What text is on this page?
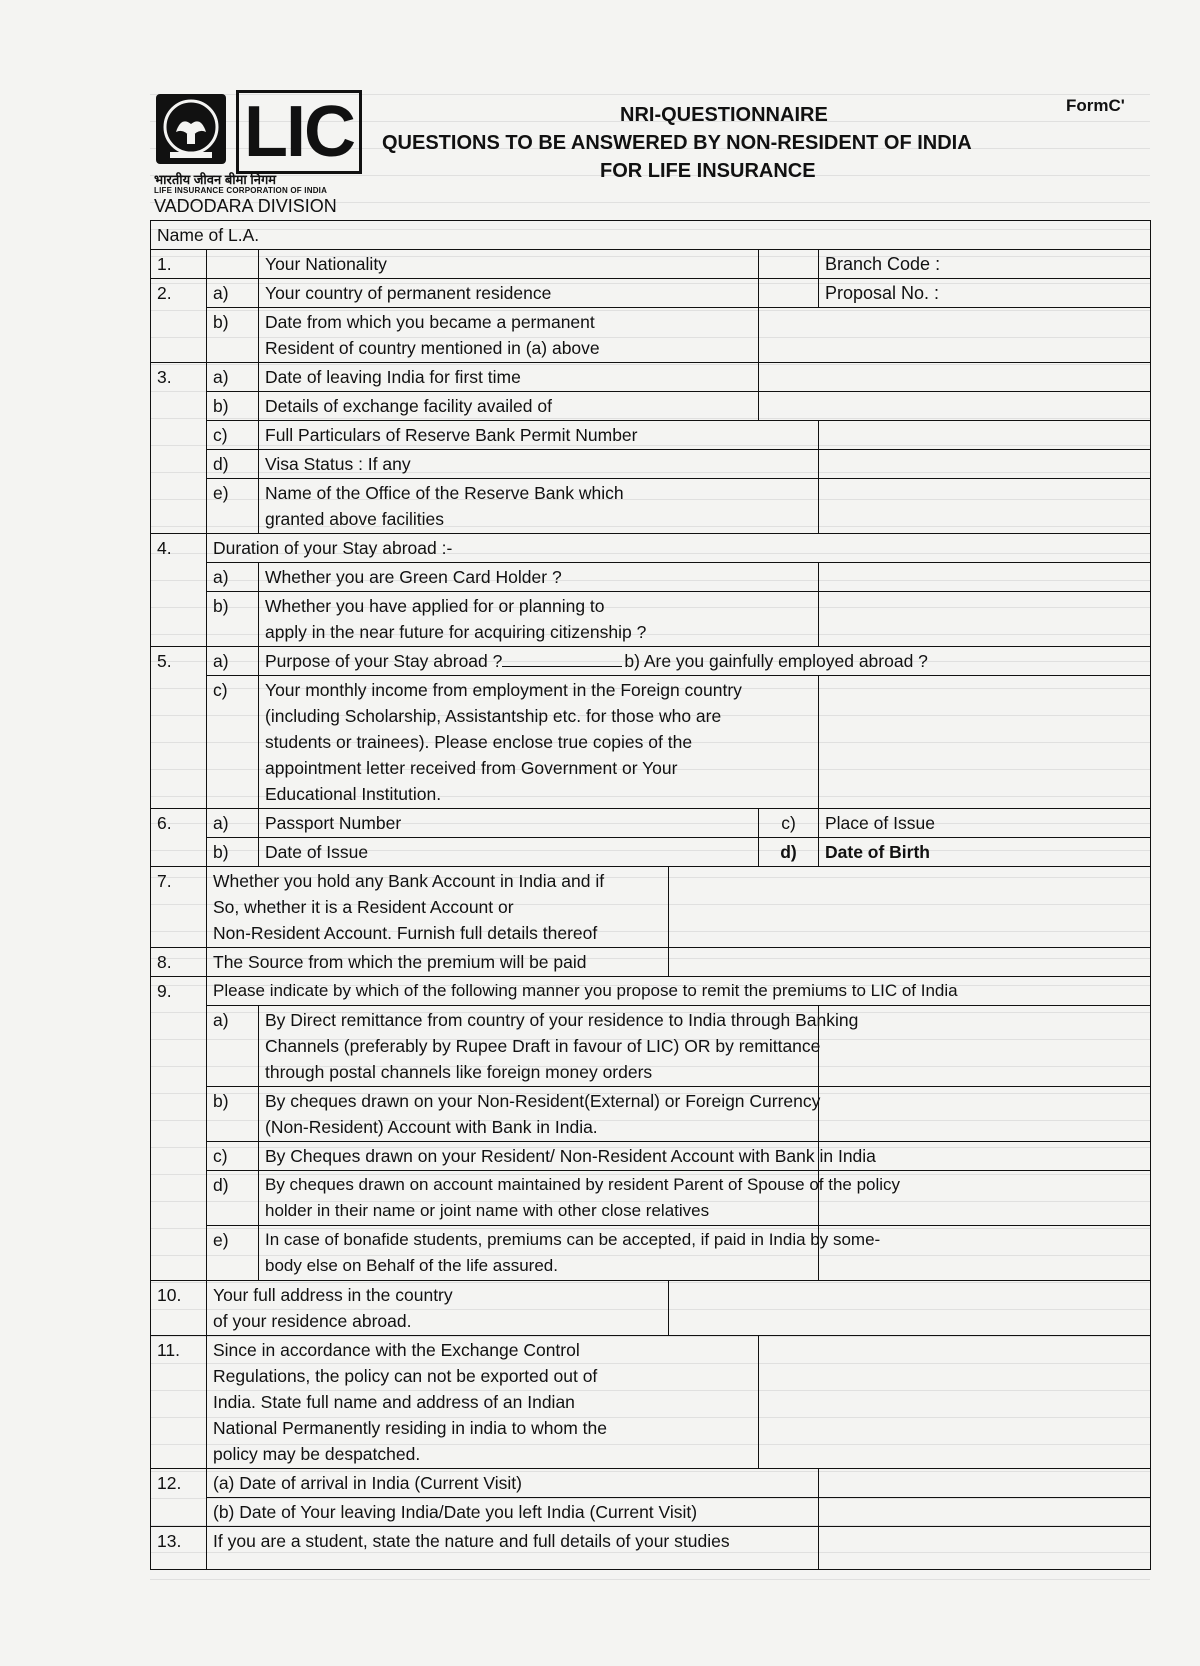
LIC
भारतीय जीवन बीमा निगम
LIFE INSURANCE CORPORATION OF INDIA
VADODARA DIVISION
NRI-QUESTIONNAIRE
QUESTIONS TO BE ANSWERED BY NON-RESIDENT OF INDIA
FOR LIFE INSURANCE
FormC'
Name of L.A.					
1.		Your Nationality			Branch Code :
2.	a)	Your country of permanent residence			Proposal No. :
	b)	Date from which you became a permanent
Resident of country mentioned in (a) above			

3.	a)	Date of leaving India for first time			
	b)	Details of exchange facility availed of			
	c)	Full Particulars of Reserve Bank Permit Number			
	d)	Visa Status : If any			
	e)	Name of the Office of the Reserve Bank which
granted above facilities			

4.	Duration of your Stay abroad :-				
	a)	Whether you are Green Card Holder ?			
	b)	Whether you have applied for or planning to
apply in the near future for acquiring citizenship ?			

5.	a)	Purpose of your Stay abroad ? b) Are you gainfully employed abroad ?			
	c)	Your monthly income from employment in the Foreign country
(including Scholarship, Assistantship etc. for those who are
students or trainees). Please enclose true copies of the
appointment letter received from Government or Your
Educational Institution.			

6.	a)	Passport Number		c)	Place of Issue
	b)	Date of Issue		d)	Date of Birth
7.	Whether you hold any Bank Account in India and if
So, whether it is a Resident Account or
Non-Resident Account. Furnish full details thereof				

8.	The Source from which the premium will be paid				
9.	Please indicate by which of the following manner you propose to remit the premiums to LIC of India				
	a)	By Direct remittance from country of your residence to India through Banking
Channels (preferably by Rupee Draft in favour of LIC) OR by remittance
through postal channels like foreign money orders			

	b)	By cheques drawn on your Non-Resident(External) or Foreign Currency
(Non-Resident) Account with Bank in India.			

	c)	By Cheques drawn on your Resident/ Non-Resident Account with Bank in India			
	d)	By cheques drawn on account maintained by resident Parent of Spouse of the policy
holder in their name or joint name with other close relatives			

	e)	In case of bonafide students, premiums can be accepted, if paid in India by some-
body else on Behalf of the life assured.			

10.	Your full address in the country
of your residence abroad.				

11.	Since in accordance with the Exchange Control
Regulations, the policy can not be exported out of
India. State full name and address of an Indian
National Permanently residing in india to whom the
policy may be despatched.				

12.	(a) Date of arrival in India (Current Visit)				
	(b) Date of Your leaving India/Date you left India (Current Visit)				
13.	If you are a student, state the nature and full details of your studies				
